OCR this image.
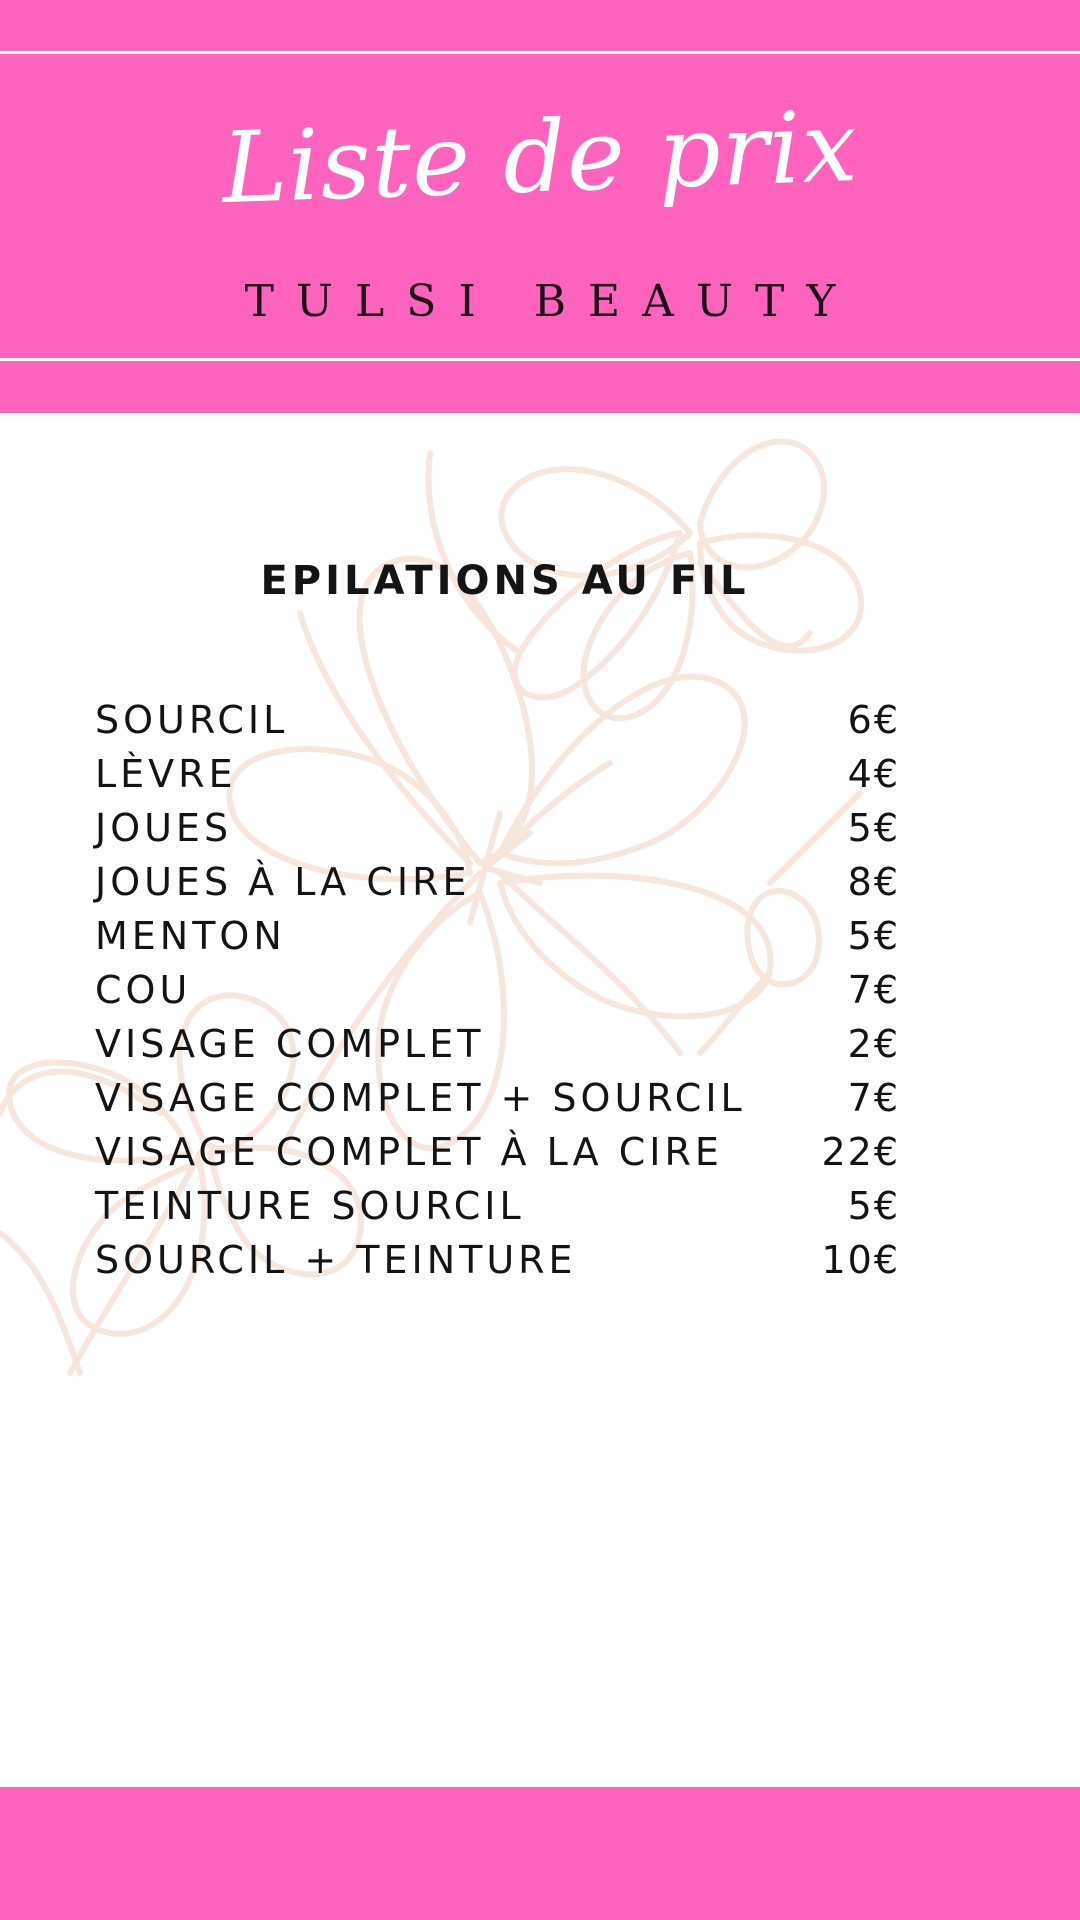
Liste de prix
TULSI BEAUTY
EPILATIONS AU FIL
SOURCIL	6€
LÈVRE	4€
JOUES	5€
JOUES À LA CIRE	8€
MENTON	5€
COU	7€
VISAGE COMPLET	2€
VISAGE COMPLET + SOURCIL	7€
VISAGE COMPLET À LA CIRE	22€
TEINTURE SOURCIL	5€
SOURCIL + TEINTURE	10€
